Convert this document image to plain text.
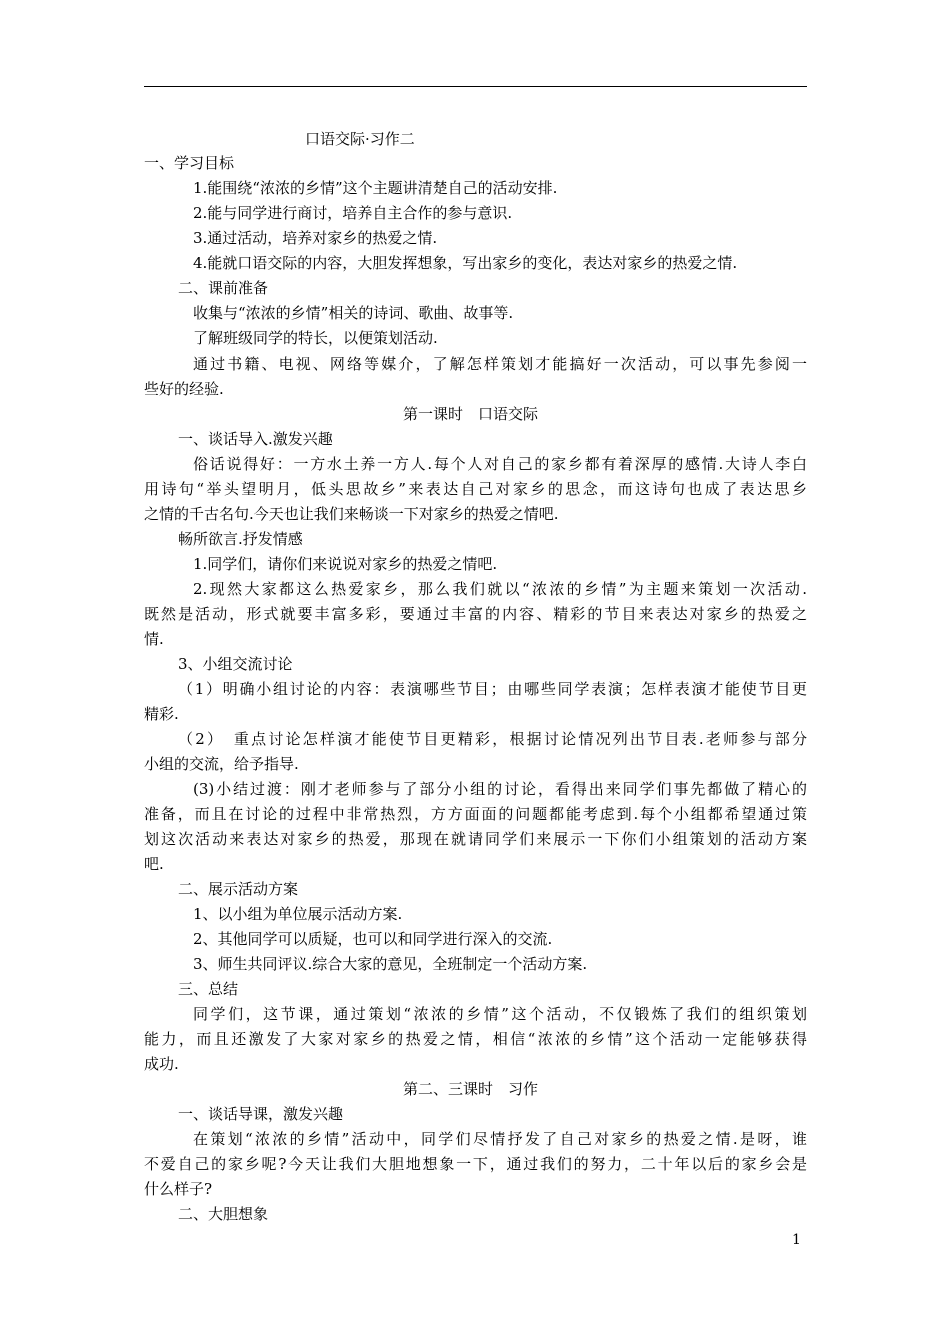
口语交际·习作二
一、学习目标
1.能围绕“浓浓的乡情”这个主题讲清楚自己的活动安排.
2.能与同学进行商讨，培养自主合作的参与意识.
3.通过活动，培养对家乡的热爱之情.
4.能就口语交际的内容，大胆发挥想象，写出家乡的变化，表达对家乡的热爱之情.
二、课前准备
收集与“浓浓的乡情”相关的诗词、歌曲、故事等.
了解班级同学的特长，以便策划活动.
通过书籍、电视、网络等媒介，了解怎样策划才能搞好一次活动，可以事先参阅一
些好的经验.
第一课时　口语交际
一、谈话导入.激发兴趣
俗话说得好：一方水土养一方人.每个人对自己的家乡都有着深厚的感情.大诗人李白
用诗句“举头望明月，低头思故乡”来表达自己对家乡的思念，而这诗句也成了表达思乡
之情的千古名句.今天也让我们来畅谈一下对家乡的热爱之情吧.
畅所欲言.抒发情感
1.同学们，请你们来说说对家乡的热爱之情吧.
2.现然大家都这么热爱家乡，那么我们就以“浓浓的乡情”为主题来策划一次活动.
既然是活动，形式就要丰富多彩，要通过丰富的内容、精彩的节目来表达对家乡的热爱之
情.
3、小组交流讨论
（1）明确小组讨论的内容：表演哪些节目；由哪些同学表演；怎样表演才能使节目更
精彩.
（2）　重点讨论怎样演才能使节目更精彩，根据讨论情况列出节目表.老师参与部分
小组的交流，给予指导.
(3)小结过渡：刚才老师参与了部分小组的讨论，看得出来同学们事先都做了精心的
准备，而且在讨论的过程中非常热烈，方方面面的问题都能考虑到.每个小组都希望通过策
划这次活动来表达对家乡的热爱，那现在就请同学们来展示一下你们小组策划的活动方案
吧.
二、展示活动方案
1、以小组为单位展示活动方案.
2、其他同学可以质疑，也可以和同学进行深入的交流.
3、师生共同评议.综合大家的意见，全班制定一个活动方案.
三、总结
同学们，这节课，通过策划“浓浓的乡情”这个活动，不仅锻炼了我们的组织策划
能力，而且还激发了大家对家乡的热爱之情，相信“浓浓的乡情”这个活动一定能够获得
成功.
第二、三课时　习作
一、谈话导课，激发兴趣
在策划“浓浓的乡情”活动中，同学们尽情抒发了自己对家乡的热爱之情.是呀，谁
不爱自己的家乡呢?今天让我们大胆地想象一下，通过我们的努力，二十年以后的家乡会是
什么样子?
二、大胆想象
1
